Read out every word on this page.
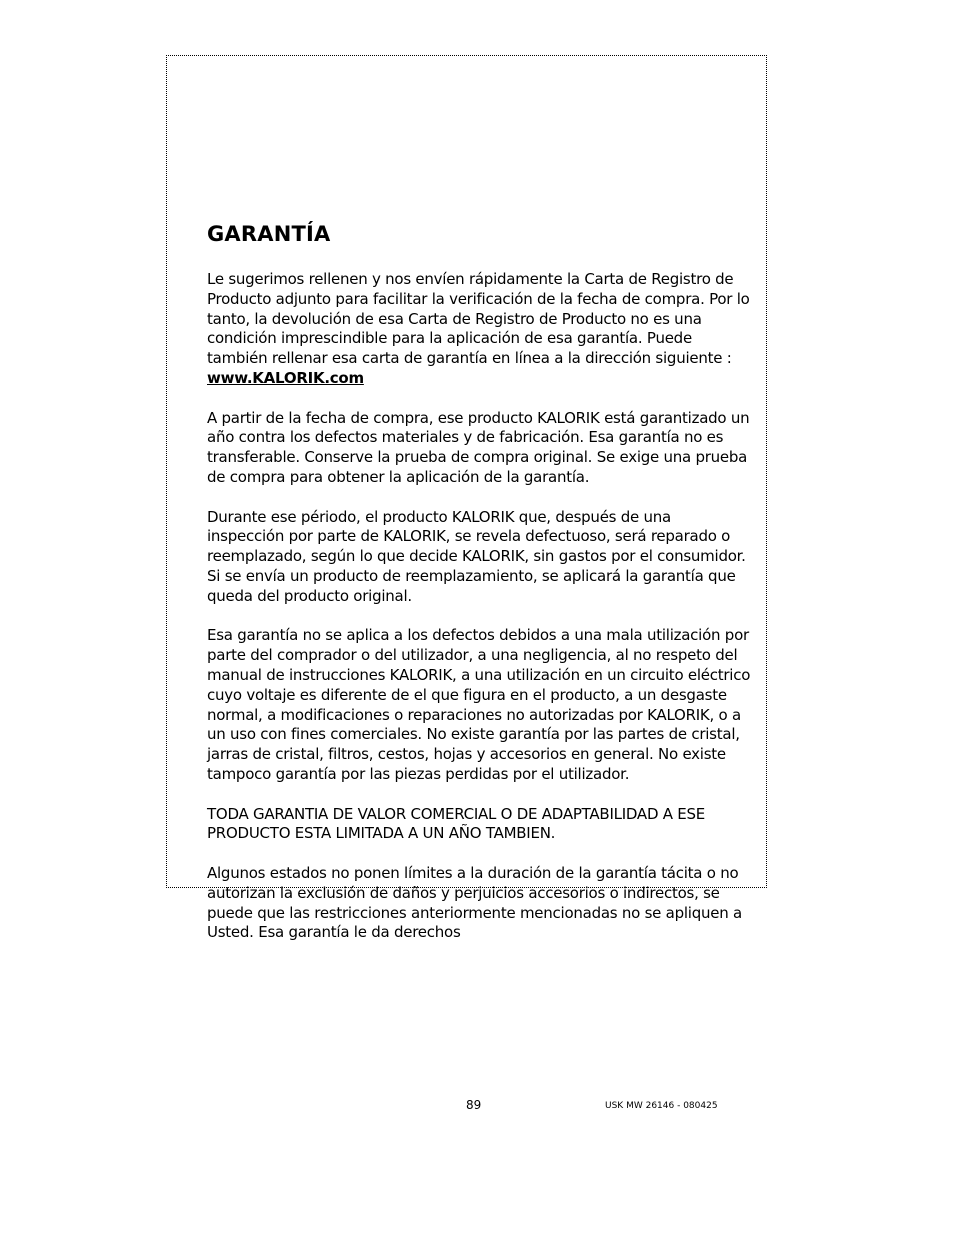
GARANTÍA

Le sugerimos rellenen y nos envíen rápidamente la Carta de Registro de Producto adjunto para facilitar la verificación de la fecha de compra. Por lo tanto, la devolución de esa Carta de Registro de Producto no es una condición imprescindible para la aplicación de esa garantía. Puede también rellenar esa carta de garantía en línea a la dirección siguiente : www.KALORIK.com

A partir de la fecha de compra, ese producto KALORIK está garantizado un año contra los defectos materiales y de fabricación. Esa garantía no es transferable. Conserve la prueba de compra original. Se exige una prueba de compra para obtener la aplicación de la garantía.

Durante ese périodo, el producto KALORIK que, después de una inspección por parte de KALORIK, se revela defectuoso, será reparado o reemplazado, según lo que decide KALORIK, sin gastos por el consumidor. Si se envía un producto de reemplazamiento, se aplicará la garantía que queda del producto original.

Esa garantía no se aplica a los defectos debidos a una mala utilización por parte del comprador o del utilizador, a una negligencia, al no respeto del manual de instrucciones KALORIK, a una utilización en un circuito eléctrico cuyo voltaje es diferente de el que figura en el producto, a un desgaste normal, a modificaciones o reparaciones no autorizadas por KALORIK, o a un uso con fines comerciales. No existe garantía por las partes de cristal, jarras de cristal, filtros, cestos, hojas y accesorios en general. No existe tampoco garantía por las piezas perdidas por el utilizador.

TODA GARANTIA DE VALOR COMERCIAL O DE ADAPTABILIDAD A ESE PRODUCTO ESTA LIMITADA A UN AÑO TAMBIEN.

Algunos estados no ponen límites a la duración de la garantía tácita o no autorizan la exclusión de daños y perjuicios accesorios o indirectos, se puede que las restricciones anteriormente mencionadas no se apliquen a Usted. Esa garantía le da derechos

89	USK MW 26146 - 080425
